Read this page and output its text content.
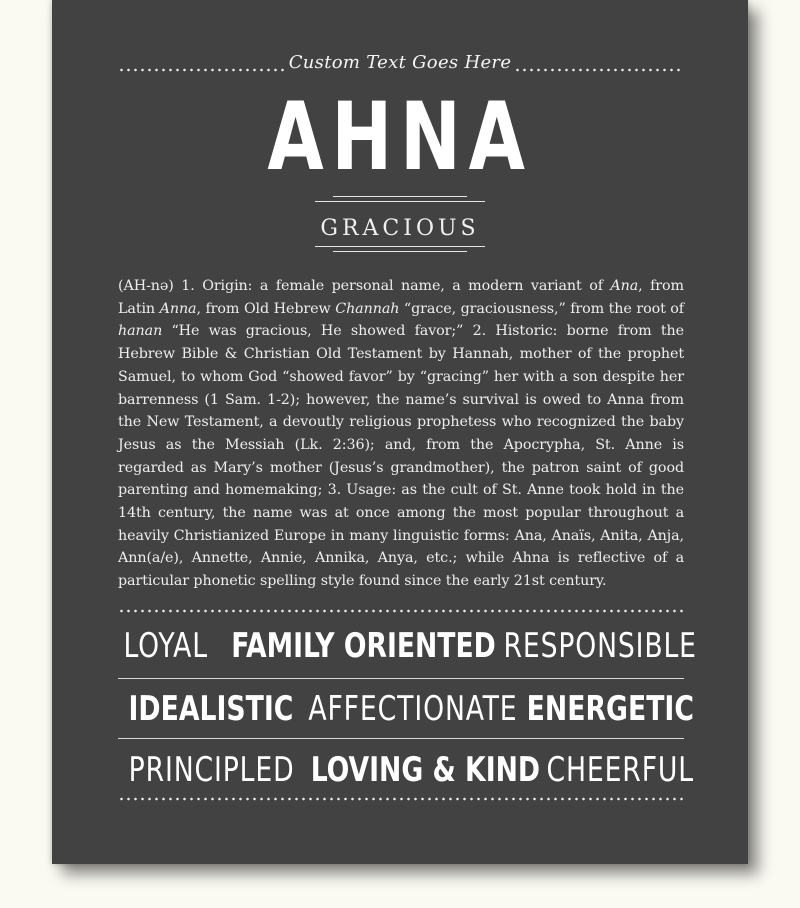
Custom Text Goes Here
AHNA
GRACIOUS
(AH-nə) 1. Origin: a female personal name, a modern variant of Ana, from Latin Anna, from Old Hebrew Channah “grace, graciousness,” from the root of hanan “He was gracious, He showed favor;” 2. Historic: borne from the Hebrew Bible & Christian Old Testament by Hannah, mother of the prophet Samuel, to whom God “showed favor” by “gracing” her with a son despite her barrenness (1 Sam. 1-2); however, the name’s survival is owed to Anna from the New Testament, a devoutly religious prophetess who recognized the baby Jesus as the Messiah (Lk. 2:36); and, from the Apocrypha, St. Anne is regarded as Mary’s mother (Jesus’s grandmother), the patron saint of good parenting and homemaking; 3. Usage: as the cult of St. Anne took hold in the 14th century, the name was at once among the most popular throughout a heavily Christianized Europe in many linguistic forms: Ana, Anaïs, Anita, Anja, Ann(a/e), Annette, Annie, Annika, Anya, etc.; while Ahna is reflective of a particular phonetic spelling style found since the early 21st century.
LOYAL FAMILY ORIENTED RESPONSIBLE
IDEALISTIC AFFECTIONATE ENERGETIC
PRINCIPLED LOVING & KIND CHEERFUL
